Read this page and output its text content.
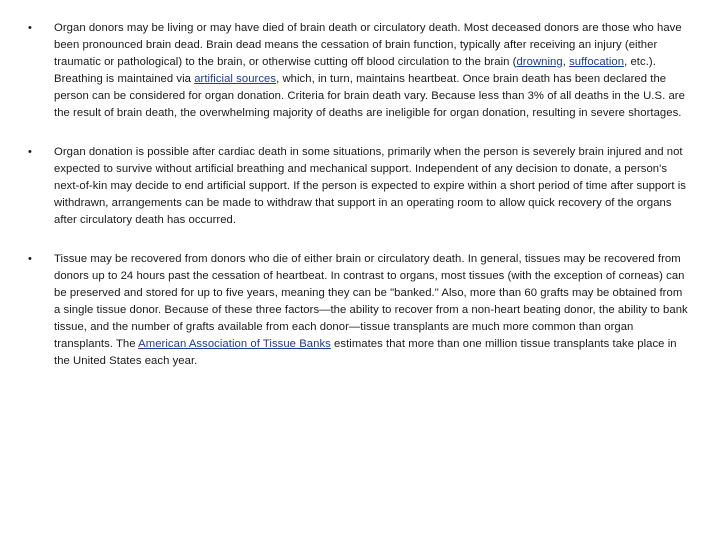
• Organ donors may be living or may have died of brain death or circulatory death. Most deceased donors are those who have been pronounced brain dead. Brain dead means the cessation of brain function, typically after receiving an injury (either traumatic or pathological) to the brain, or otherwise cutting off blood circulation to the brain (drowning, suffocation, etc.). Breathing is maintained via artificial sources, which, in turn, maintains heartbeat. Once brain death has been declared the person can be considered for organ donation. Criteria for brain death vary. Because less than 3% of all deaths in the U.S. are the result of brain death, the overwhelming majority of deaths are ineligible for organ donation, resulting in severe shortages.
• Organ donation is possible after cardiac death in some situations, primarily when the person is severely brain injured and not expected to survive without artificial breathing and mechanical support. Independent of any decision to donate, a person's next-of-kin may decide to end artificial support. If the person is expected to expire within a short period of time after support is withdrawn, arrangements can be made to withdraw that support in an operating room to allow quick recovery of the organs after circulatory death has occurred.
• Tissue may be recovered from donors who die of either brain or circulatory death. In general, tissues may be recovered from donors up to 24 hours past the cessation of heartbeat. In contrast to organs, most tissues (with the exception of corneas) can be preserved and stored for up to five years, meaning they can be "banked." Also, more than 60 grafts may be obtained from a single tissue donor. Because of these three factors—the ability to recover from a non-heart beating donor, the ability to bank tissue, and the number of grafts available from each donor—tissue transplants are much more common than organ transplants. The American Association of Tissue Banks estimates that more than one million tissue transplants take place in the United States each year.
